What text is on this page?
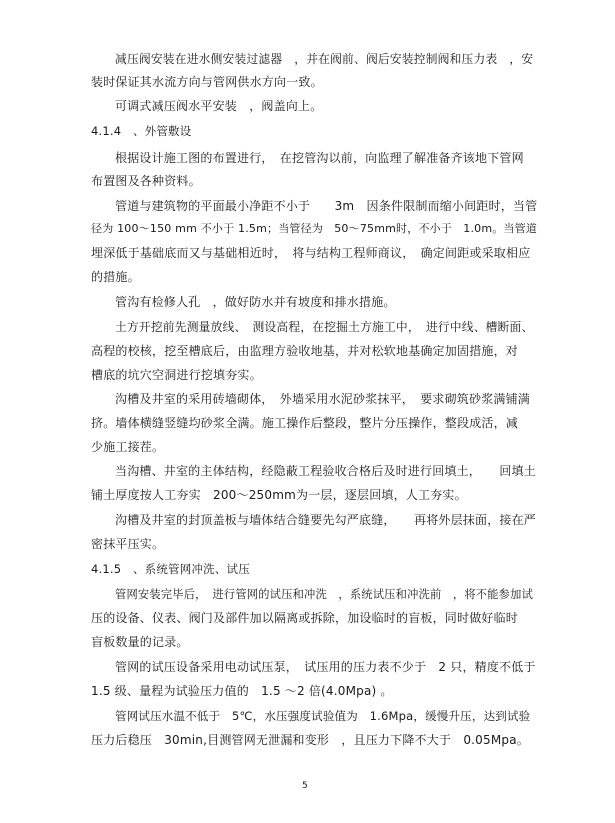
减压阀安装在进水侧安装过滤器　，并在阀前、阀后安装控制阀和压力表　，安

装时保证其水流方向与管网供水方向一致。

可调式减压阀水平安装　，阀盖向上。

4.1.4　、外管敷设

根据设计施工图的布置进行，　在挖管沟以前，向监理了解准备齐该地下管网

布置图及各种资料。

管道与建筑物的平面最小净距不小于　　3m　因条件限制而缩小间距时，当管

径为 100～150 mm 不小于 1.5m；当管径为　50～75mm时，不小于　1.0m。当管道

埋深低于基础底而又与基础相近时，　将与结构工程师商议，　确定间距或采取相应

的措施。

管沟有检修人孔　，做好防水并有坡度和排水措施。

土方开挖前先测量放线、　测设高程，在挖掘土方施工中，　进行中线、槽断面、

高程的校核，挖至槽底后，由监理方验收地基，并对松软地基确定加固措施，对

槽底的坑穴空洞进行挖填夯实。

沟槽及井室的采用砖墙砌体，　外墙采用水泥砂浆抹平，　要求砌筑砂浆满铺满

挤。墙体横缝竖缝均砂浆全满。施工操作后整段，整片分压操作，整段成活，减

少施工接茬。

当沟槽、井室的主体结构，经隐蔽工程验收合格后及时进行回填土，　　回填土

铺土厚度按人工夯实　200～250mm为一层，逐层回填，人工夯实。

沟槽及井室的封顶盖板与墙体结合缝要先勾严底缝，　　再将外层抹面，接在严

密抹平压实。

4.1.5　、系统管网冲洗、试压

管网安装完毕后，　进行管网的试压和冲洗　，系统试压和冲洗前　，将不能参加试

压的设备、仪表、阀门及部件加以隔离或拆除，加设临时的盲板，同时做好临时

盲板数量的记录。

管网的试压设备采用电动试压泵，　试压用的压力表不少于　2 只，精度不低于

1.5 级、量程为试验压力值的　1.5 ～2 倍(4.0Mpa) 。

管网试压水温不低于　5℃，水压强度试验值为　1.6Mpa，缓慢升压，达到试验

压力后稳压　30min,目测管网无泄漏和变形　，且压力下降不大于　0.05Mpa。

5
